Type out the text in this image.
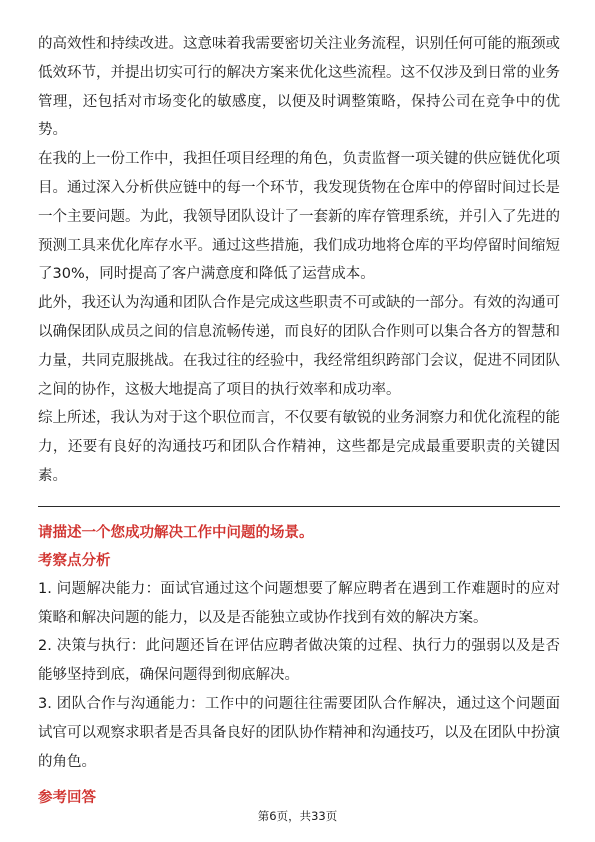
的高效性和持续改进。这意味着我需要密切关注业务流程，识别任何可能的瓶颈或低效环节，并提出切实可行的解决方案来优化这些流程。这不仅涉及到日常的业务管理，还包括对市场变化的敏感度，以便及时调整策略，保持公司在竞争中的优势。

在我的上一份工作中，我担任项目经理的角色，负责监督一项关键的供应链优化项目。通过深入分析供应链中的每一个环节，我发现货物在仓库中的停留时间过长是一个主要问题。为此，我领导团队设计了一套新的库存管理系统，并引入了先进的预测工具来优化库存水平。通过这些措施，我们成功地将仓库的平均停留时间缩短了30%，同时提高了客户满意度和降低了运营成本。

此外，我还认为沟通和团队合作是完成这些职责不可或缺的一部分。有效的沟通可以确保团队成员之间的信息流畅传递，而良好的团队合作则可以集合各方的智慧和力量，共同克服挑战。在我过往的经验中，我经常组织跨部门会议，促进不同团队之间的协作，这极大地提高了项目的执行效率和成功率。

综上所述，我认为对于这个职位而言，不仅要有敏锐的业务洞察力和优化流程的能力，还要有良好的沟通技巧和团队合作精神，这些都是完成最重要职责的关键因素。

请描述一个您成功解决工作中问题的场景。

考察点分析

1. 问题解决能力：面试官通过这个问题想要了解应聘者在遇到工作难题时的应对策略和解决问题的能力，以及是否能独立或协作找到有效的解决方案。

2. 决策与执行：此问题还旨在评估应聘者做决策的过程、执行力的强弱以及是否能够坚持到底，确保问题得到彻底解决。

3. 团队合作与沟通能力：工作中的问题往往需要团队合作解决，通过这个问题面试官可以观察求职者是否具备良好的团队协作精神和沟通技巧，以及在团队中扮演的角色。

参考回答

第6页，共33页
